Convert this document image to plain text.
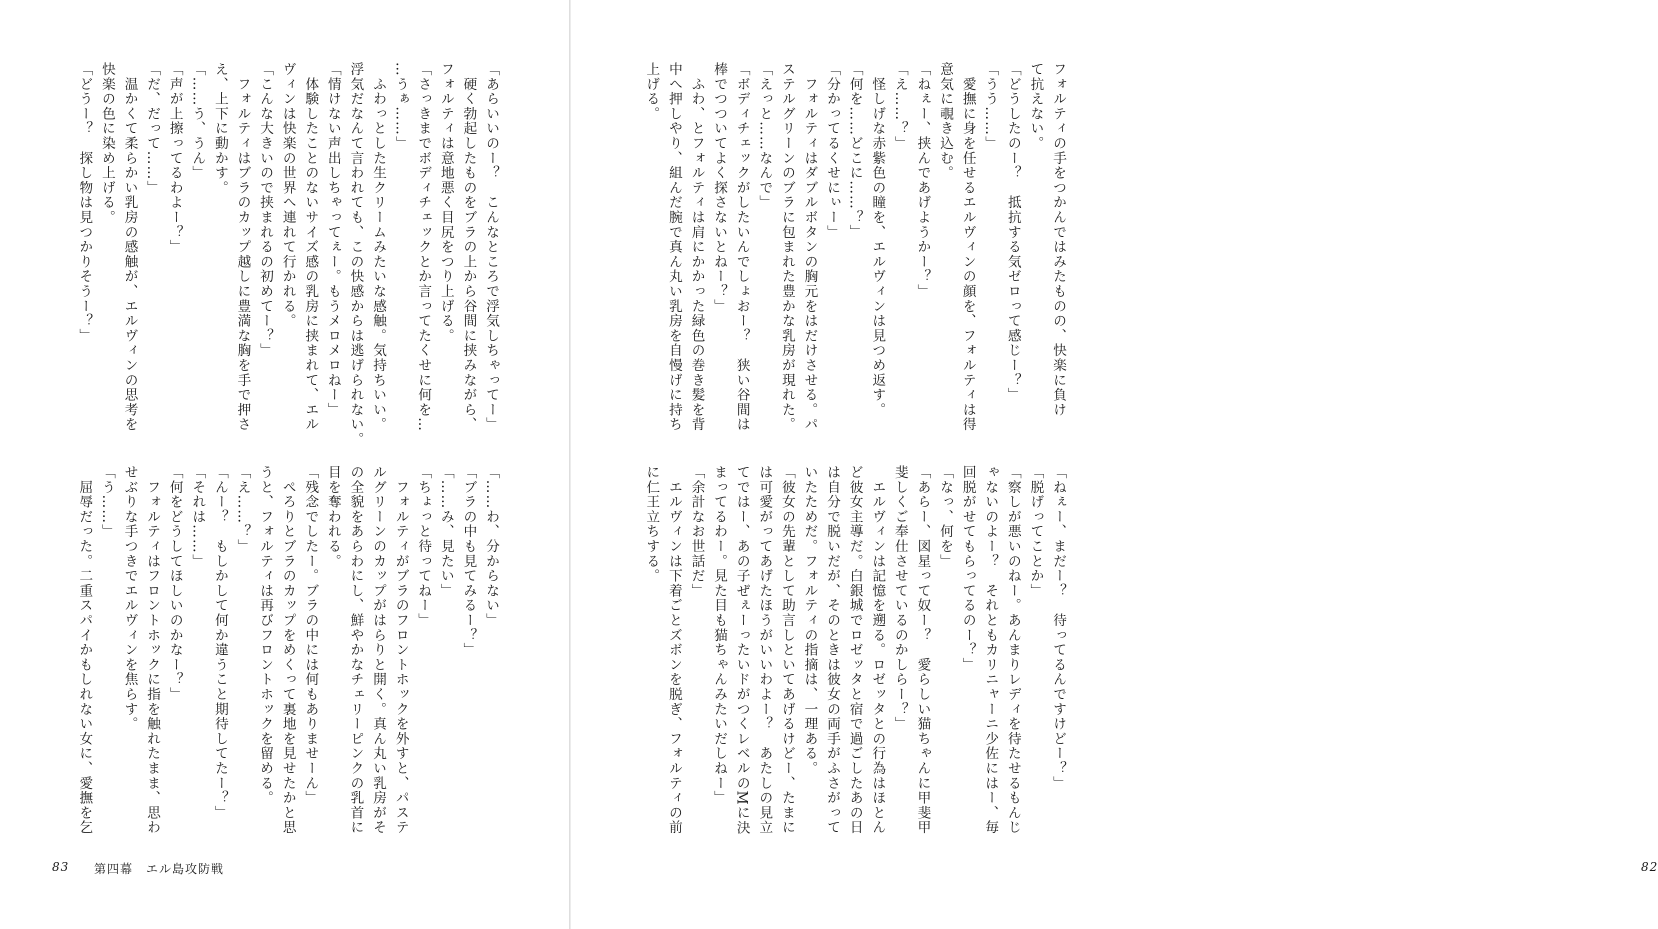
「あらいいのー？　こんなところで浮気しちゃってー」

　硬く勃起したものをブラの上から谷間に挟みながら、

フォルティは意地悪く目尻をつり上げる。

「さっきまでボディチェックとか言ってたくせに何を…

…うぁ……」

　ふわっとした生クリームみたいな感触。気持ちいい。

浮気だなんて言われても、この快感からは逃げられない。

「情けない声出しちゃってぇー。もうメロメロねー」

　体験したことのないサイズ感の乳房に挟まれて、エル

ヴィンは快楽の世界へ連れて行かれる。

「こんな大きいので挟まれるの初めてー？」

　フォルティはブラのカップ越しに豊満な胸を手で押さ

え、上下に動かす。

「……う、うん」

「声が上擦ってるわよー？」

「だ、だって……」

　温かくて柔らかい乳房の感触が、エルヴィンの思考を

快楽の色に染め上げる。

「どうー？　探し物は見つかりそうー？」

「……わ、分からない」

「ブラの中も見てみるー？」

「……み、見たい」

「ちょっと待ってねー」

　フォルティがブラのフロントホックを外すと、パステ

ルグリーンのカップがはらりと開く。真ん丸い乳房がそ

の全貌をあらわにし、鮮やかなチェリーピンクの乳首に

目を奪われる。

「残念でしたー。ブラの中には何もありませーん」

　ぺろりとブラのカップをめくって裏地を見せたかと思

うと、フォルティは再びフロントホックを留める。

「え……？」

「んー？　もしかして何か違うこと期待してたー？」

「それは……」

「何をどうしてほしいのかなー？」

　フォルティはフロントホックに指を触れたまま、思わ

せぶりな手つきでエルヴィンを焦らす。

「う……」

　屈辱だった。二重スパイかもしれない女に、愛撫を乞

83 第四幕　エル島攻防戦

フォルティの手をつかんではみたものの、快楽に負け

て抗えない。

「どうしたのー？　抵抗する気ゼロって感じー？」

「うう……」

　愛撫に身を任せるエルヴィンの顔を、フォルティは得

意気に覗き込む。

「ねぇー、挟んであげようかー？」

「え……？」

　怪しげな赤紫色の瞳を、エルヴィンは見つめ返す。

「何を……どこに……？」

「分かってるくせにぃー」

　フォルティはダブルボタンの胸元をはだけさせる。パ

ステルグリーンのブラに包まれた豊かな乳房が現れた。

「えっと……なんで」

「ボディチェックがしたいんでしょおー？　狭い谷間は

棒でつついてよく探さないとねー？」

　ふわ、とフォルティは肩にかかった緑色の巻き髪を背

中へ押しやり、組んだ腕で真ん丸い乳房を自慢げに持ち

上げる。

「ねぇー、まだー？　待ってるんですけどー？」

「脱げってことか」

「察しが悪いのねー。あんまりレディを待たせるもんじ

ゃないのよー？　それともカリニャーニ少佐にはー、毎

回脱がせてもらってるのー？」

「なっ、何を」

「あらー、図星って奴ー？　愛らしい猫ちゃんに甲斐甲

斐しくご奉仕させているのかしらー？」

　エルヴィンは記憶を遡る。ロゼッタとの行為はほとん

ど彼女主導だ。白銀城でロゼッタと宿で過ごしたあの日

は自分で脱いだが、そのときは彼女の両手がふさがって

いたためだ。フォルティの指摘は、一理ある。

「彼女の先輩として助言しといてあげるけどー、たまに

は可愛がってあげたほうがいいわよー？　あたしの見立

てではー、あの子ぜぇーったいドがつくレベルのMに決

まってるわー。見た目も猫ちゃんみたいだしねー」

「余計なお世話だ」

　エルヴィンは下着ごとズボンを脱ぎ、フォルティの前

に仁王立ちする。

82
